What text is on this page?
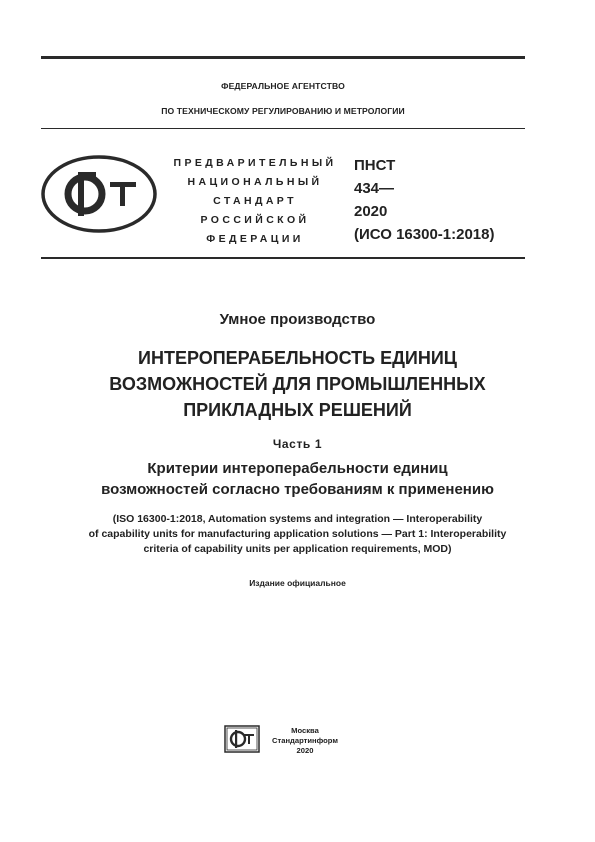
ФЕДЕРАЛЬНОЕ АГЕНТСТВО
ПО ТЕХНИЧЕСКОМУ РЕГУЛИРОВАНИЮ И МЕТРОЛОГИИ
ПРЕДВАРИТЕЛЬНЫЙ
НАЦИОНАЛЬНЫЙ
СТАНДАРТ
РОССИЙСКОЙ
ФЕДЕРАЦИИ
ПНСТ
434—
2020
(ИСО 16300-1:2018)
Умное производство
ИНТЕРОПЕРАБЕЛЬНОСТЬ ЕДИНИЦ
ВОЗМОЖНОСТЕЙ ДЛЯ ПРОМЫШЛЕННЫХ
ПРИКЛАДНЫХ РЕШЕНИЙ
Часть 1
Критерии интероперабельности единиц
возможностей согласно требованиям к применению
(ISO 16300-1:2018, Automation systems and integration — Interoperability
of capability units for manufacturing application solutions — Part 1: Interoperability
criteria of capability units per application requirements, MOD)
Издание официальное
Москва
Стандартинформ
2020
